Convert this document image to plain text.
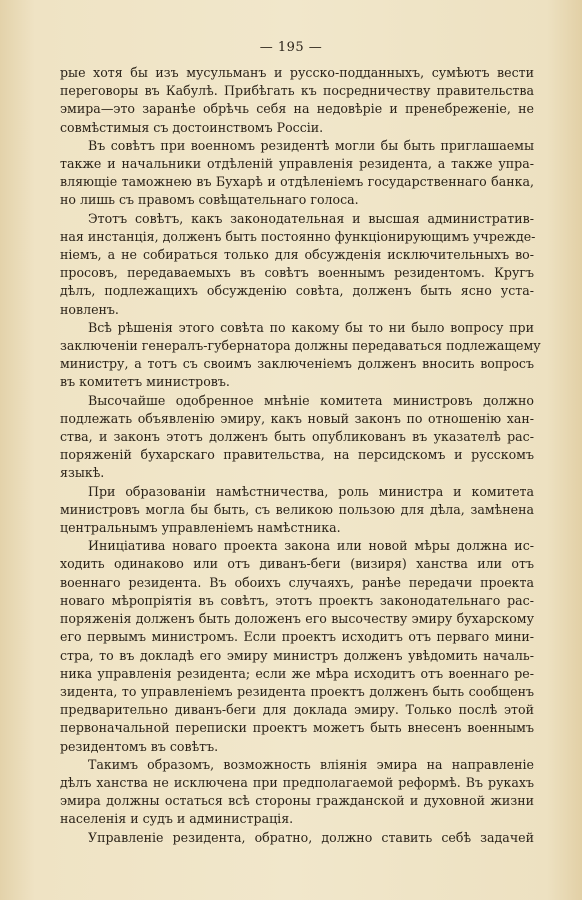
— 195 —
рые хотя бы изъ мусульманъ и русско-подданныхъ, сумѣютъ вести
переговоры въ Кабулѣ. Прибѣгать къ посредничеству правительства
эмира—это заранѣе обрѣчь себя на недовѣріе и пренебреженіе, не
совмѣстимыя съ достоинствомъ Россіи.
Въ совѣтъ при военномъ резидентѣ могли бы быть приглашаемы
также и начальники отдѣленій управленія резидента, а также упра-
вляющіе таможнею въ Бухарѣ и отдѣленіемъ государственнаго банка,
но лишь съ правомъ совѣщательнаго голоса.
Этотъ совѣтъ, какъ законодательная и высшая административ-
ная инстанція, долженъ быть постоянно функціонирующимъ учрежде-
ніемъ, а не собираться только для обсужденія исключительныхъ во-
просовъ, передаваемыхъ въ совѣтъ военнымъ резидентомъ. Кругъ
дѣлъ, подлежащихъ обсужденію совѣта, долженъ быть ясно уста-
новленъ.
Всѣ рѣшенія этого совѣта по какому бы то ни было вопросу при
заключеніи генералъ-губернатора должны передаваться подлежащему
министру, а тотъ съ своимъ заключеніемъ долженъ вносить вопросъ
въ комитетъ министровъ.
Высочайше одобренное мнѣніе комитета министровъ должно
подлежать объявленію эмиру, какъ новый законъ по отношенію хан-
ства, и законъ этотъ долженъ быть опубликованъ въ указателѣ рас-
поряженій бухарскаго правительства, на персидскомъ и русскомъ
языкѣ.
При образованіи намѣстничества, роль министра и комитета
министровъ могла бы быть, съ великою пользою для дѣла, замѣнена
центральнымъ управленіемъ намѣстника.
Иниціатива новаго проекта закона или новой мѣры должна ис-
ходить одинаково или отъ диванъ-беги (визиря) ханства или отъ
военнаго резидента. Въ обоихъ случаяхъ, ранѣе передачи проекта
новаго мѣропріятія въ совѣтъ, этотъ проектъ законодательнаго рас-
поряженія долженъ быть доложенъ его высочеству эмиру бухарскому
его первымъ министромъ. Если проектъ исходитъ отъ перваго мини-
стра, то въ докладѣ его эмиру министръ долженъ увѣдомить началь-
ника управленія резидента; если же мѣра исходитъ отъ военнаго ре-
зидента, то управленіемъ резидента проектъ долженъ быть сообщенъ
предварительно диванъ-беги для доклада эмиру. Только послѣ этой
первоначальной переписки проектъ можетъ быть внесенъ военнымъ
резидентомъ въ совѣтъ.
Такимъ образомъ, возможность вліянія эмира на направленіе
дѣлъ ханства не исключена при предполагаемой реформѣ. Въ рукахъ
эмира должны остаться всѣ стороны гражданской и духовной жизни
населенія и судъ и администрація.
Управленіе резидента, обратно, должно ставить себѣ задачей
